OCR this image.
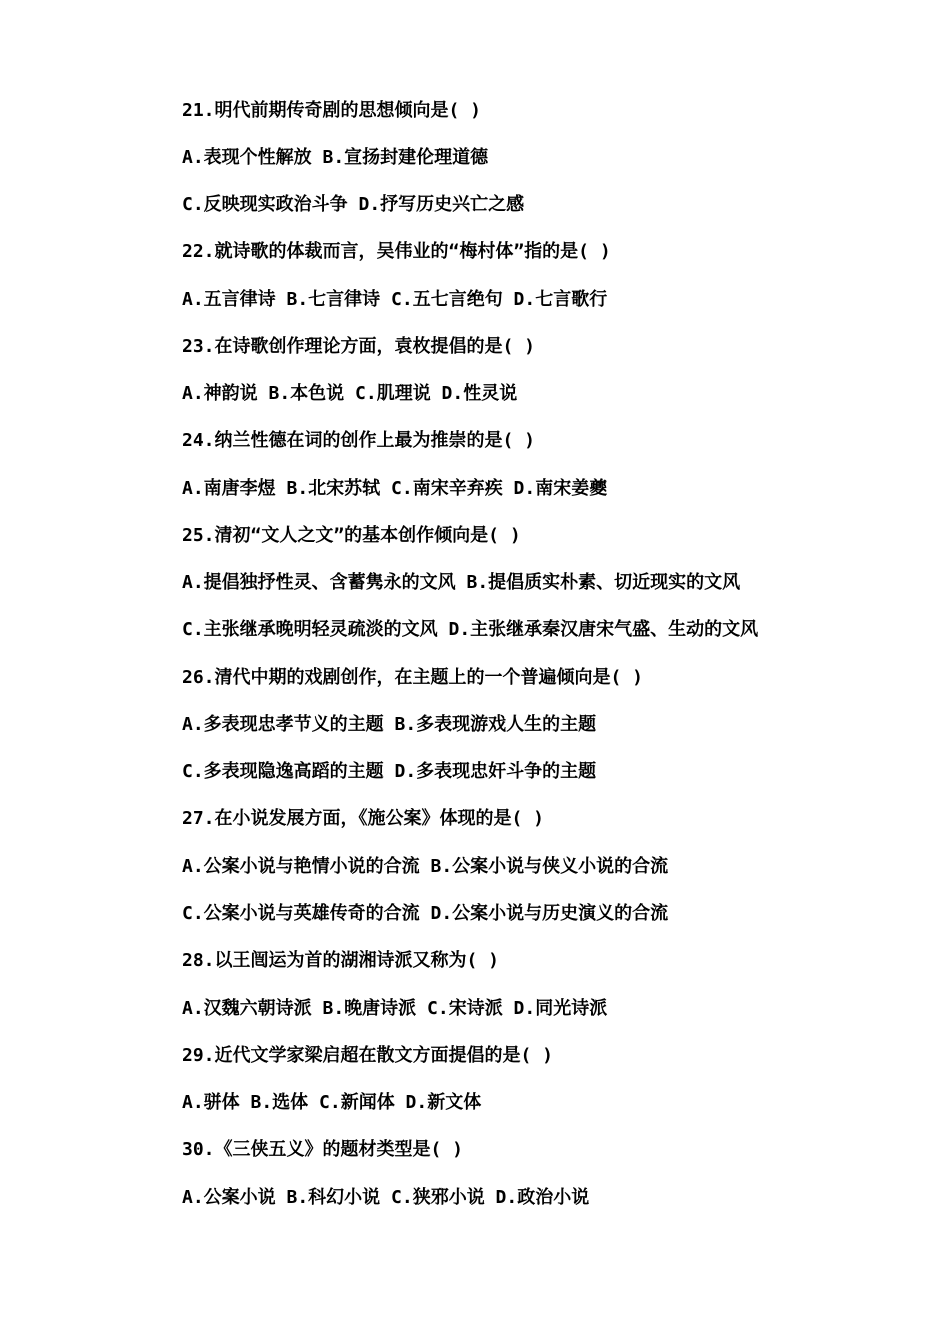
21.明代前期传奇剧的思想倾向是( )
A.表现个性解放 B.宣扬封建伦理道德
C.反映现实政治斗争 D.抒写历史兴亡之感
22.就诗歌的体裁而言，吴伟业的“梅村体”指的是( )
A.五言律诗 B.七言律诗 C.五七言绝句 D.七言歌行
23.在诗歌创作理论方面，袁枚提倡的是( )
A.神韵说 B.本色说 C.肌理说 D.性灵说
24.纳兰性德在词的创作上最为推崇的是( )
A.南唐李煜 B.北宋苏轼 C.南宋辛弃疾 D.南宋姜夔
25.清初“文人之文”的基本创作倾向是( )
A.提倡独抒性灵、含蓄隽永的文风 B.提倡质实朴素、切近现实的文风
C.主张继承晚明轻灵疏淡的文风 D.主张继承秦汉唐宋气盛、生动的文风
26.清代中期的戏剧创作，在主题上的一个普遍倾向是( )
A.多表现忠孝节义的主题 B.多表现游戏人生的主题
C.多表现隐逸高蹈的主题 D.多表现忠奸斗争的主题
27.在小说发展方面，《施公案》体现的是( )
A.公案小说与艳情小说的合流 B.公案小说与侠义小说的合流
C.公案小说与英雄传奇的合流 D.公案小说与历史演义的合流
28.以王闿运为首的湖湘诗派又称为( )
A.汉魏六朝诗派 B.晚唐诗派 C.宋诗派 D.同光诗派
29.近代文学家梁启超在散文方面提倡的是( )
A.骈体 B.选体 C.新闻体 D.新文体
30.《三侠五义》的题材类型是( )
A.公案小说 B.科幻小说 C.狭邪小说 D.政治小说
